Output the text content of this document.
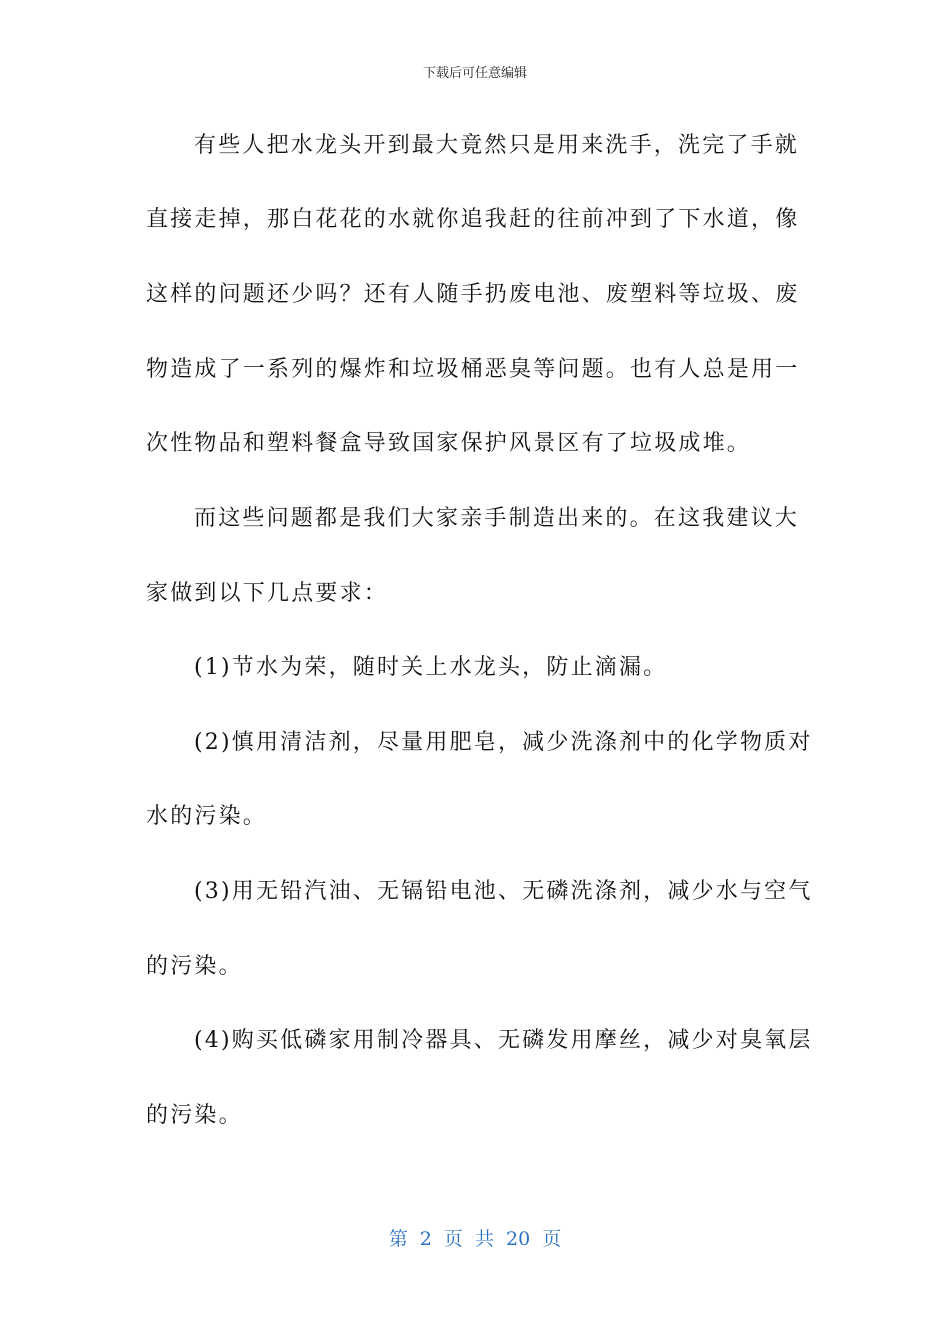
下载后可任意编辑
有些人把水龙头开到最大竟然只是用来洗手，洗完了手就
直接走掉，那白花花的水就你追我赶的往前冲到了下水道，像
这样的问题还少吗？还有人随手扔废电池、废塑料等垃圾、废
物造成了一系列的爆炸和垃圾桶恶臭等问题。也有人总是用一
次性物品和塑料餐盒导致国家保护风景区有了垃圾成堆。
而这些问题都是我们大家亲手制造出来的。在这我建议大
家做到以下几点要求：
(1)节水为荣，随时关上水龙头，防止滴漏。
(2)慎用清洁剂，尽量用肥皂，减少洗涤剂中的化学物质对
水的污染。
(3)用无铅汽油、无镉铅电池、无磷洗涤剂，减少水与空气
的污染。
(4)购买低磷家用制冷器具、无磷发用摩丝，减少对臭氧层
的污染。
第 2 页 共 20 页
